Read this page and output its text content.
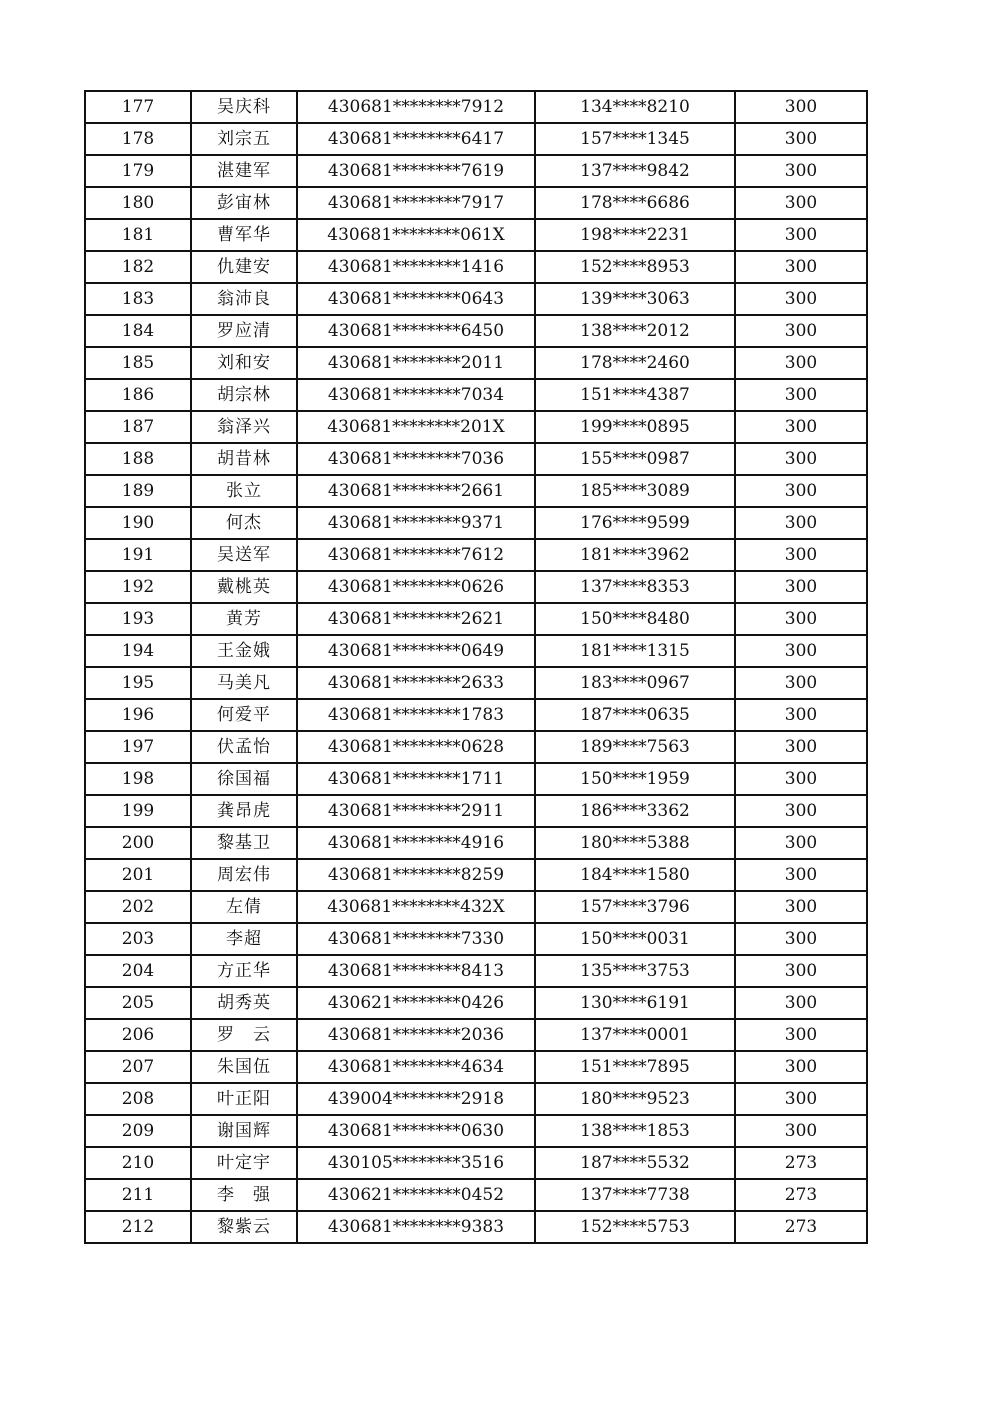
177	吴庆科	430681********7912	134****8210	300
178	刘宗五	430681********6417	157****1345	300
179	湛建军	430681********7619	137****9842	300
180	彭宙林	430681********7917	178****6686	300
181	曹军华	430681********061X	198****2231	300
182	仇建安	430681********1416	152****8953	300
183	翁沛良	430681********0643	139****3063	300
184	罗应清	430681********6450	138****2012	300
185	刘和安	430681********2011	178****2460	300
186	胡宗林	430681********7034	151****4387	300
187	翁泽兴	430681********201X	199****0895	300
188	胡昔林	430681********7036	155****0987	300
189	张立	430681********2661	185****3089	300
190	何杰	430681********9371	176****9599	300
191	吴送军	430681********7612	181****3962	300
192	戴桃英	430681********0626	137****8353	300
193	黄芳	430681********2621	150****8480	300
194	王金娥	430681********0649	181****1315	300
195	马美凡	430681********2633	183****0967	300
196	何爱平	430681********1783	187****0635	300
197	伏孟怡	430681********0628	189****7563	300
198	徐国福	430681********1711	150****1959	300
199	龚昂虎	430681********2911	186****3362	300
200	黎基卫	430681********4916	180****5388	300
201	周宏伟	430681********8259	184****1580	300
202	左倩	430681********432X	157****3796	300
203	李超	430681********7330	150****0031	300
204	方正华	430681********8413	135****3753	300
205	胡秀英	430621********0426	130****6191	300
206	罗　云	430681********2036	137****0001	300
207	朱国伍	430681********4634	151****7895	300
208	叶正阳	439004********2918	180****9523	300
209	谢国辉	430681********0630	138****1853	300
210	叶定宇	430105********3516	187****5532	273
211	李　强	430621********0452	137****7738	273
212	黎紫云	430681********9383	152****5753	273
